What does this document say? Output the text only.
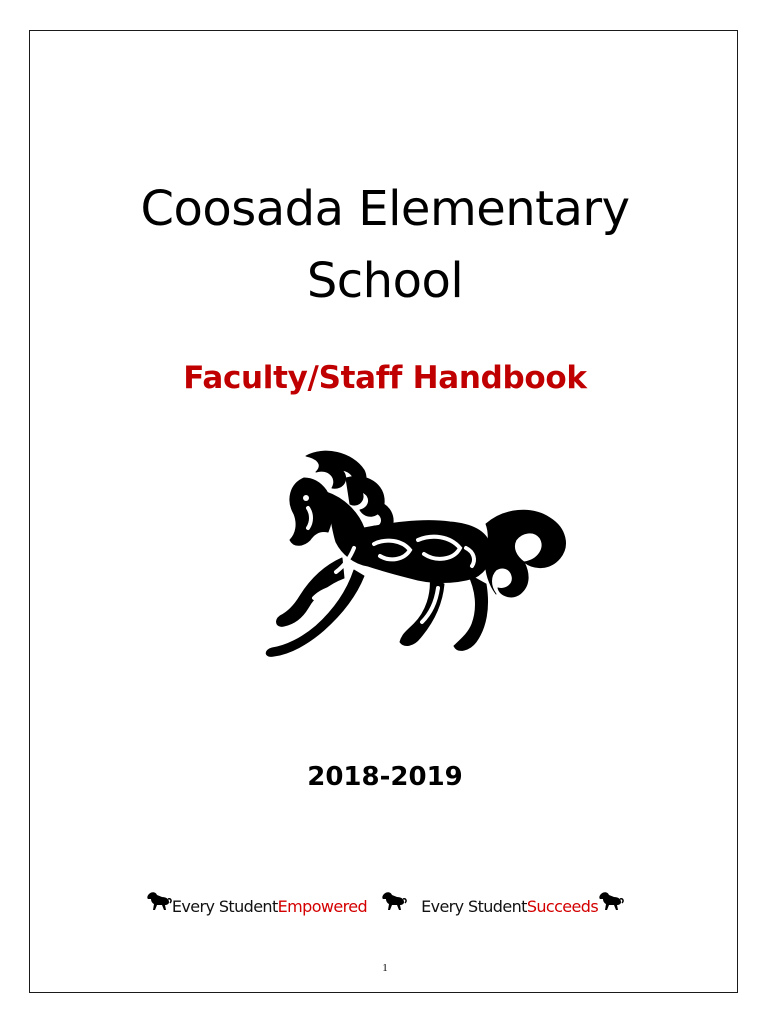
Coosada Elementary
School
Faculty/Staff Handbook
2018-2019
Every Student Empowered	Every Student Succeeds
1
